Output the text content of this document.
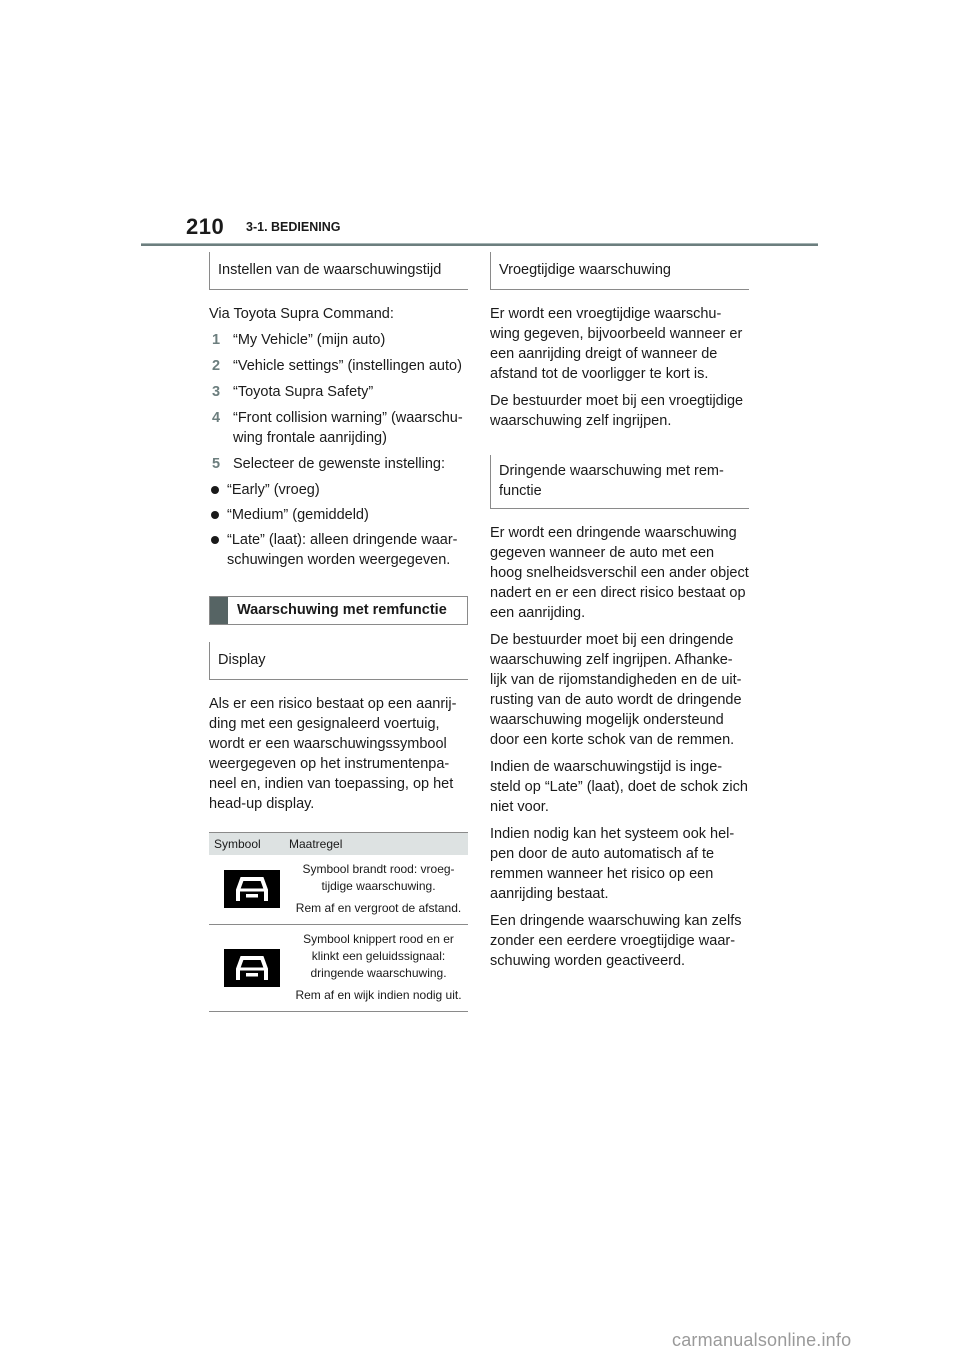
210 3-1. BEDIENING
Instellen van de waarschuwingstijd

Via Toyota Supra Command:

1 “My Vehicle” (mijn auto)
2 “Vehicle settings” (instellingen auto)
3 “Toyota Supra Safety”
4 “Front collision warning” (waarschu-wing frontale aanrijding)
5 Selecteer de gewenste instelling:
“Early” (vroeg)
“Medium” (gemiddeld)
“Late” (laat): alleen dringende waar-schuwingen worden weergegeven.
Waarschuwing met remfunctie
Display

Als er een risico bestaat op een aanrij-ding met een gesignaleerd voertuig, wordt er een waarschuwingssymbool weergegeven op het instrumentenpa-neel en, indien van toepassing, op het head-up display.

Symbool	Maatregel
Symbool brandt rood: vroeg-tijdige waarschuwing.
Rem af en vergroot de afstand.
Symbool knippert rood en er klinkt een geluidssignaal: dringende waarschuwing.
Rem af en wijk indien nodig uit.
Vroegtijdige waarschuwing

Er wordt een vroegtijdige waarschu-wing gegeven, bijvoorbeeld wanneer er een aanrijding dreigt of wanneer de afstand tot de voorligger te kort is.

De bestuurder moet bij een vroegtijdige waarschuwing zelf ingrijpen.

Dringende waarschuwing met rem-functie

Er wordt een dringende waarschuwing gegeven wanneer de auto met een hoog snelheidsverschil een ander object nadert en er een direct risico bestaat op een aanrijding.

De bestuurder moet bij een dringende waarschuwing zelf ingrijpen. Afhanke-lijk van de rijomstandigheden en de uit-rusting van de auto wordt de dringende waarschuwing mogelijk ondersteund door een korte schok van de remmen.

Indien de waarschuwingstijd is inge-steld op “Late” (laat), doet de schok zich niet voor.

Indien nodig kan het systeem ook hel-pen door de auto automatisch af te remmen wanneer het risico op een aanrijding bestaat.

Een dringende waarschuwing kan zelfs zonder een eerdere vroegtijdige waar-schuwing worden geactiveerd.

carmanualsonline.info
